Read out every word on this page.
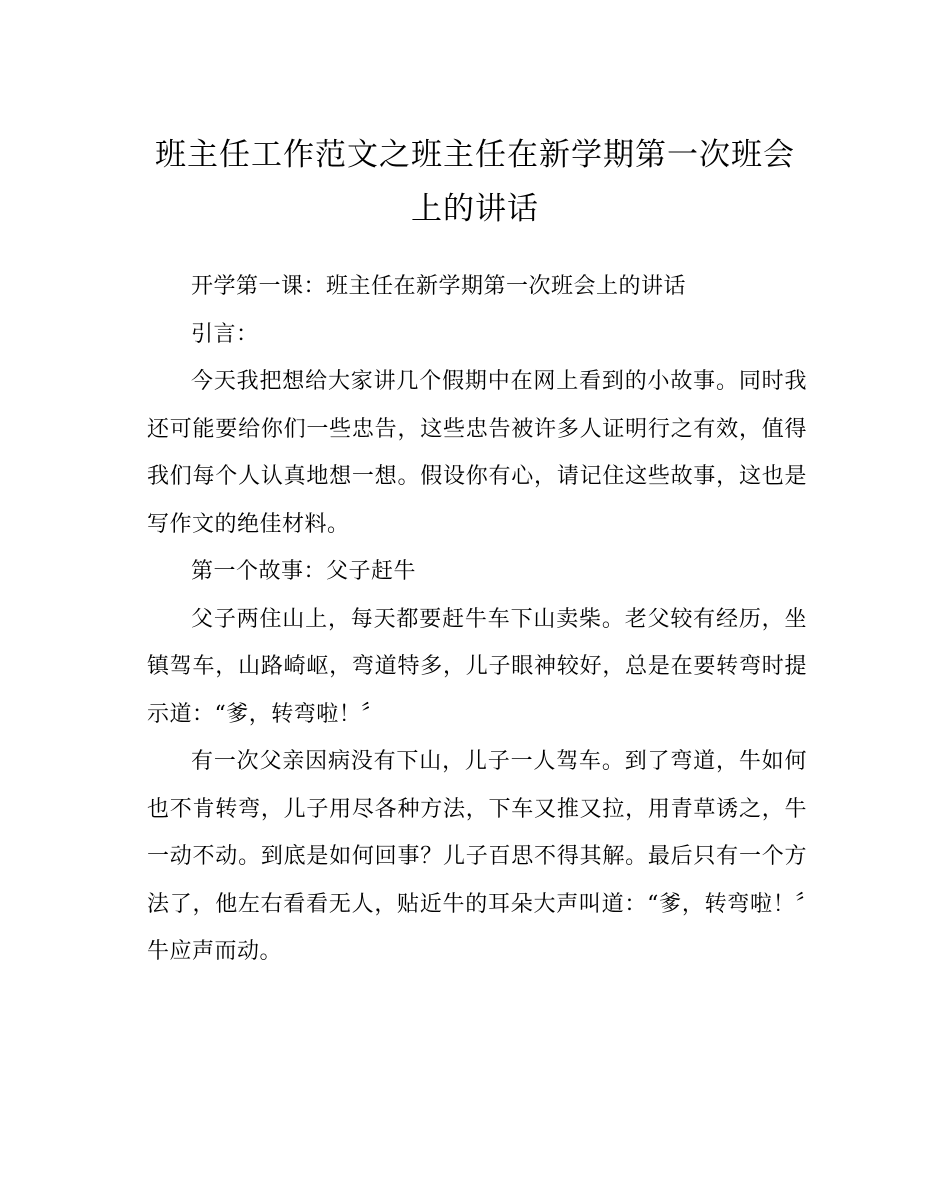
班主任工作范文之班主任在新学期第一次班会上的讲话

开学第一课：班主任在新学期第一次班会上的讲话

引言：

今天我把想给大家讲几个假期中在网上看到的小故事。同时我还可能要给你们一些忠告，这些忠告被许多人证明行之有效，值得我们每个人认真地想一想。假设你有心，请记住这些故事，这也是写作文的绝佳材料。

第一个故事：父子赶牛

父子两住山上，每天都要赶牛车下山卖柴。老父较有经历，坐镇驾车，山路崎岖，弯道特多，儿子眼神较好，总是在要转弯时提示道：“爹，转弯啦！〞

有一次父亲因病没有下山，儿子一人驾车。到了弯道，牛如何也不肯转弯，儿子用尽各种方法，下车又推又拉，用青草诱之，牛一动不动。到底是如何回事？儿子百思不得其解。最后只有一个方法了，他左右看看无人，贴近牛的耳朵大声叫道：“爹，转弯啦！〞牛应声而动。
